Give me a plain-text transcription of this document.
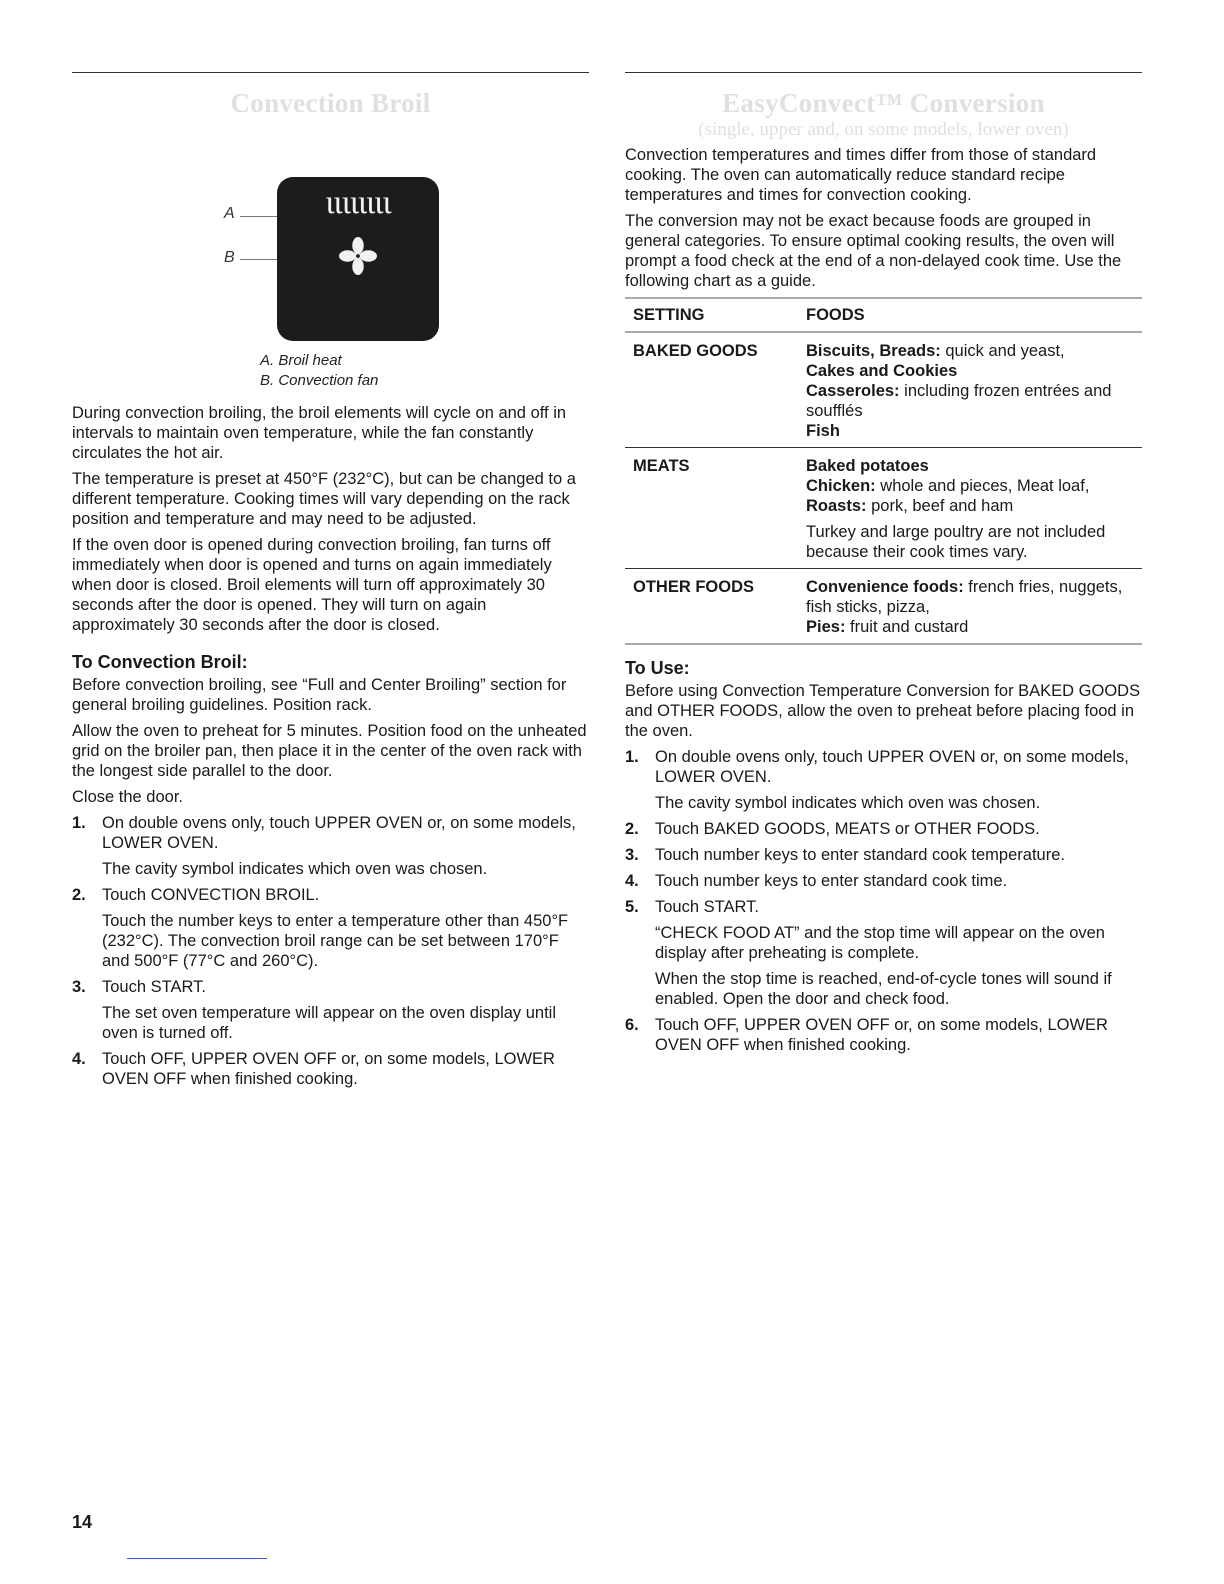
Convection Broil
A
B
ιιιιιιιι
A. Broil heat
B. Convection fan

During convection broiling, the broil elements will cycle on and off in intervals to maintain oven temperature, while the fan constantly circulates the hot air.

The temperature is preset at 450°F (232°C), but can be changed to a different temperature. Cooking times will vary depending on the rack position and temperature and may need to be adjusted.

If the oven door is opened during convection broiling, fan turns off immediately when door is opened and turns on again immediately when door is closed. Broil elements will turn off approximately 30 seconds after the door is opened. They will turn on again approximately 30 seconds after the door is closed.

To Convection Broil:

Before convection broiling, see “Full and Center Broiling” section for general broiling guidelines. Position rack.

Allow the oven to preheat for 5 minutes. Position food on the unheated grid on the broiler pan, then place it in the center of the oven rack with the longest side parallel to the door.

Close the door.

1. On double ovens only, touch UPPER OVEN or, on some models, LOWER OVEN.

The cavity symbol indicates which oven was chosen.

2. Touch CONVECTION BROIL.

Touch the number keys to enter a temperature other than 450°F (232°C). The convection broil range can be set between 170°F and 500°F (77°C and 260°C).

3. Touch START.

The set oven temperature will appear on the oven display until oven is turned off.

4. Touch OFF, UPPER OVEN OFF or, on some models, LOWER OVEN OFF when finished cooking.

EasyConvect™ Conversion
(single, upper and, on some models, lower oven)

Convection temperatures and times differ from those of standard cooking. The oven can automatically reduce standard recipe temperatures and times for convection cooking.

The conversion may not be exact because foods are grouped in general categories. To ensure optimal cooking results, the oven will prompt a food check at the end of a non-delayed cook time. Use the following chart as a guide.

SETTING	FOODS
BAKED GOODS	Biscuits, Breads: quick and yeast,
Cakes and Cookies
Casseroles: including frozen entrées and soufflés
Fish

MEATS	Baked potatoes
Chicken: whole and pieces, Meat loaf,
Roasts: pork, beef and ham
Turkey and large poultry are not included because their cook times vary.

OTHER FOODS	Convenience foods: french fries, nuggets, fish sticks, pizza,
Pies: fruit and custard
To Use:

Before using Convection Temperature Conversion for BAKED GOODS and OTHER FOODS, allow the oven to preheat before placing food in the oven.

1. On double ovens only, touch UPPER OVEN or, on some models, LOWER OVEN.

The cavity symbol indicates which oven was chosen.

2. Touch BAKED GOODS, MEATS or OTHER FOODS.

3. Touch number keys to enter standard cook temperature.

4. Touch number keys to enter standard cook time.

5. Touch START.

“CHECK FOOD AT” and the stop time will appear on the oven display after preheating is complete.

When the stop time is reached, end-of-cycle tones will sound if enabled. Open the door and check food.

6. Touch OFF, UPPER OVEN OFF or, on some models, LOWER OVEN OFF when finished cooking.

14
